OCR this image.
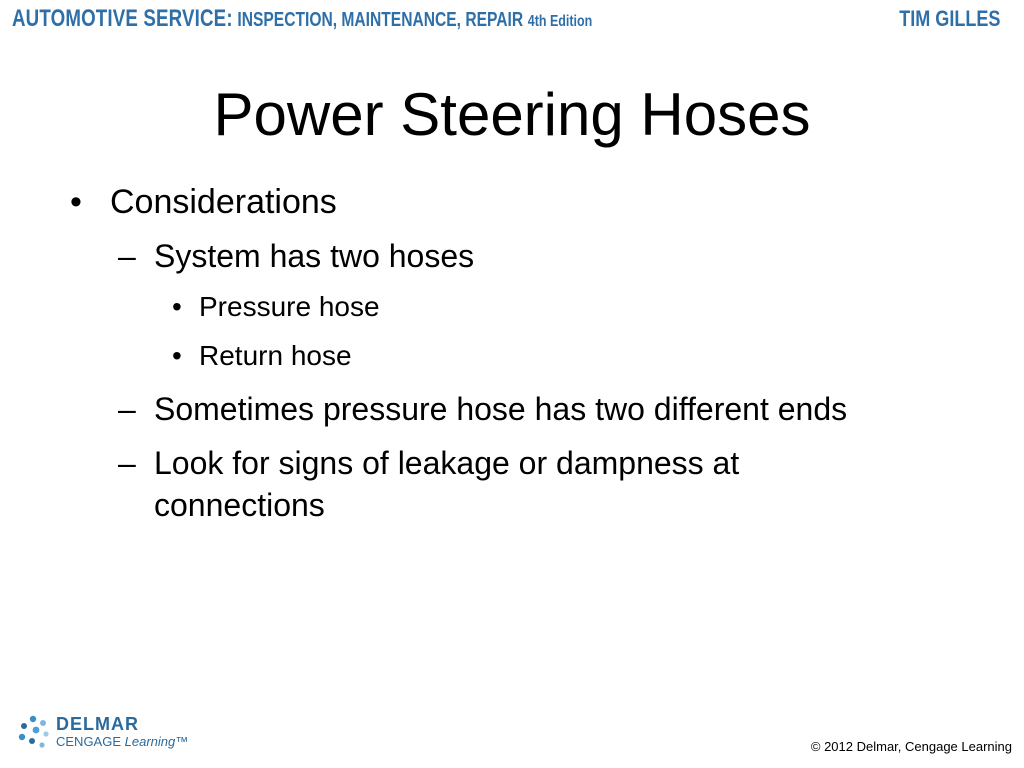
AUTOMOTIVE SERVICE: INSPECTION, MAINTENANCE, REPAIR 4th Edition	TIM GILLES
Power Steering Hoses
• Considerations
– System has two hoses
• Pressure hose
• Return hose
– Sometimes pressure hose has two different ends
– Look for signs of leakage or dampness at
connections
DELMAR
CENGAGE Learning™	© 2012 Delmar, Cengage Learning
